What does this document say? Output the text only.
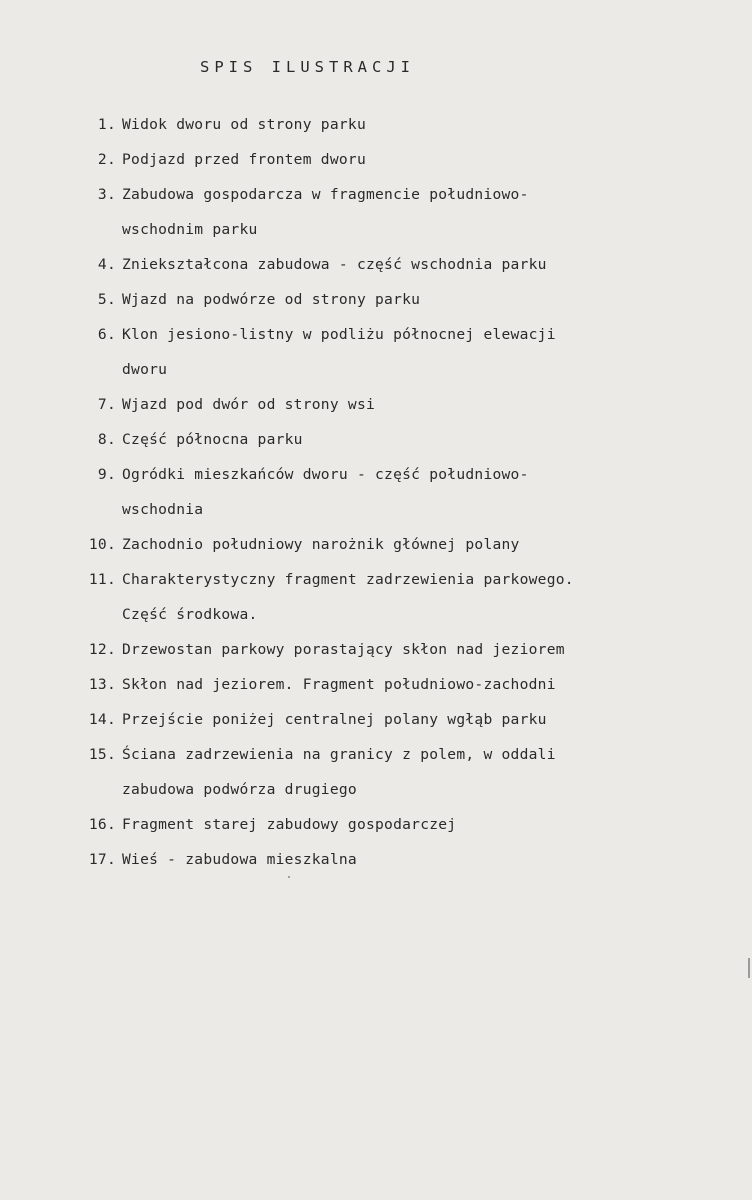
SPIS ILUSTRACJI
1. Widok dworu od strony parku
2. Podjazd przed frontem dworu
3. Zabudowa gospodarcza w fragmencie południowo-
wschodnim parku
4. Zniekształcona zabudowa - część wschodnia parku
5. Wjazd na podwórze od strony parku
6. Klon jesiono-listny w podliżu północnej elewacji
dworu
7. Wjazd pod dwór od strony wsi
8. Część północna parku
9. Ogródki mieszkańców dworu - część południowo-
wschodnia
10. Zachodnio południowy narożnik głównej polany
11. Charakterystyczny fragment zadrzewienia parkowego.
Część środkowa.
12. Drzewostan parkowy porastający skłon nad jeziorem
13. Skłon nad jeziorem. Fragment południowo-zachodni
14. Przejście poniżej centralnej polany wgłąb parku
15. Ściana zadrzewienia na granicy z polem, w oddali
zabudowa podwórza drugiego
16. Fragment starej zabudowy gospodarczej
17. Wieś - zabudowa mieszkalna
